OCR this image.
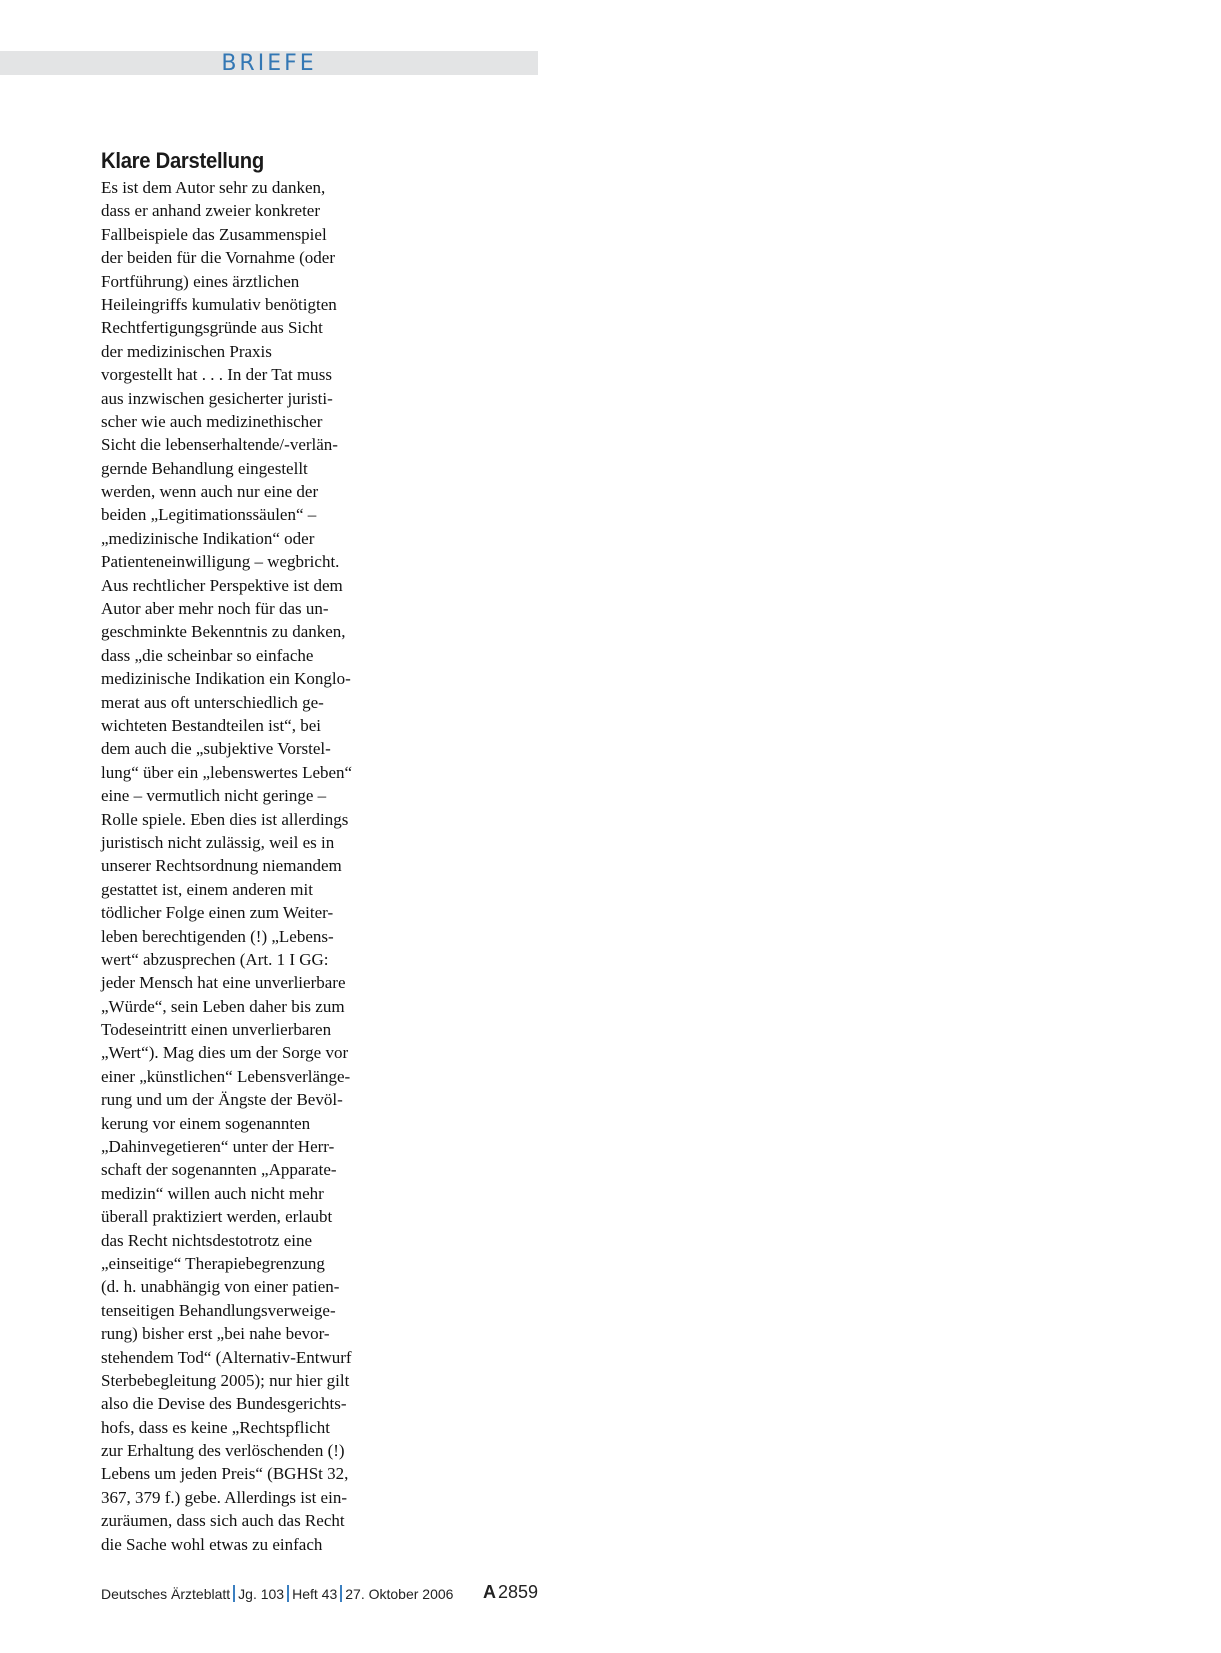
BRIEFE
Klare Darstellung
Es ist dem Autor sehr zu danken,
dass er anhand zweier konkreter
Fallbeispiele das Zusammenspiel
der beiden für die Vornahme (oder
Fortführung) eines ärztlichen
Heileingriffs kumulativ benötigten
Rechtfertigungsgründe aus Sicht
der medizinischen Praxis
vorgestellt hat . . . In der Tat muss
aus inzwischen gesicherter juristi-
scher wie auch medizinethischer
Sicht die lebenserhaltende/-verlän-
gernde Behandlung eingestellt
werden, wenn auch nur eine der
beiden „Legitimationssäulen“ –
„medizinische Indikation“ oder
Patienteneinwilligung – wegbricht.
Aus rechtlicher Perspektive ist dem
Autor aber mehr noch für das un-
geschminkte Bekenntnis zu danken,
dass „die scheinbar so einfache
medizinische Indikation ein Konglo-
merat aus oft unterschiedlich ge-
wichteten Bestandteilen ist“, bei
dem auch die „subjektive Vorstel-
lung“ über ein „lebenswertes Leben“
eine – vermutlich nicht geringe –
Rolle spiele. Eben dies ist allerdings
juristisch nicht zulässig, weil es in
unserer Rechtsordnung niemandem
gestattet ist, einem anderen mit
tödlicher Folge einen zum Weiter-
leben berechtigenden (!) „Lebens-
wert“ abzusprechen (Art. 1 I GG:
jeder Mensch hat eine unverlierbare
„Würde“, sein Leben daher bis zum
Todeseintritt einen unverlierbaren
„Wert“). Mag dies um der Sorge vor
einer „künstlichen“ Lebensverlänge-
rung und um der Ängste der Bevöl-
kerung vor einem sogenannten
„Dahinvegetieren“ unter der Herr-
schaft der sogenannten „Apparate-
medizin“ willen auch nicht mehr
überall praktiziert werden, erlaubt
das Recht nichtsdestotrotz eine
„einseitige“ Therapiebegrenzung
(d. h. unabhängig von einer patien-
tenseitigen Behandlungsverweige-
rung) bisher erst „bei nahe bevor-
stehendem Tod“ (Alternativ-Entwurf
Sterbebegleitung 2005); nur hier gilt
also die Devise des Bundesgerichts-
hofs, dass es keine „Rechtspflicht
zur Erhaltung des verlöschenden (!)
Lebens um jeden Preis“ (BGHSt 32,
367, 379 f.) gebe. Allerdings ist ein-
zuräumen, dass sich auch das Recht
die Sache wohl etwas zu einfach
Deutsches Ärzteblatt Jg. 103 Heft 43 27. Oktober 2006 A 2859
